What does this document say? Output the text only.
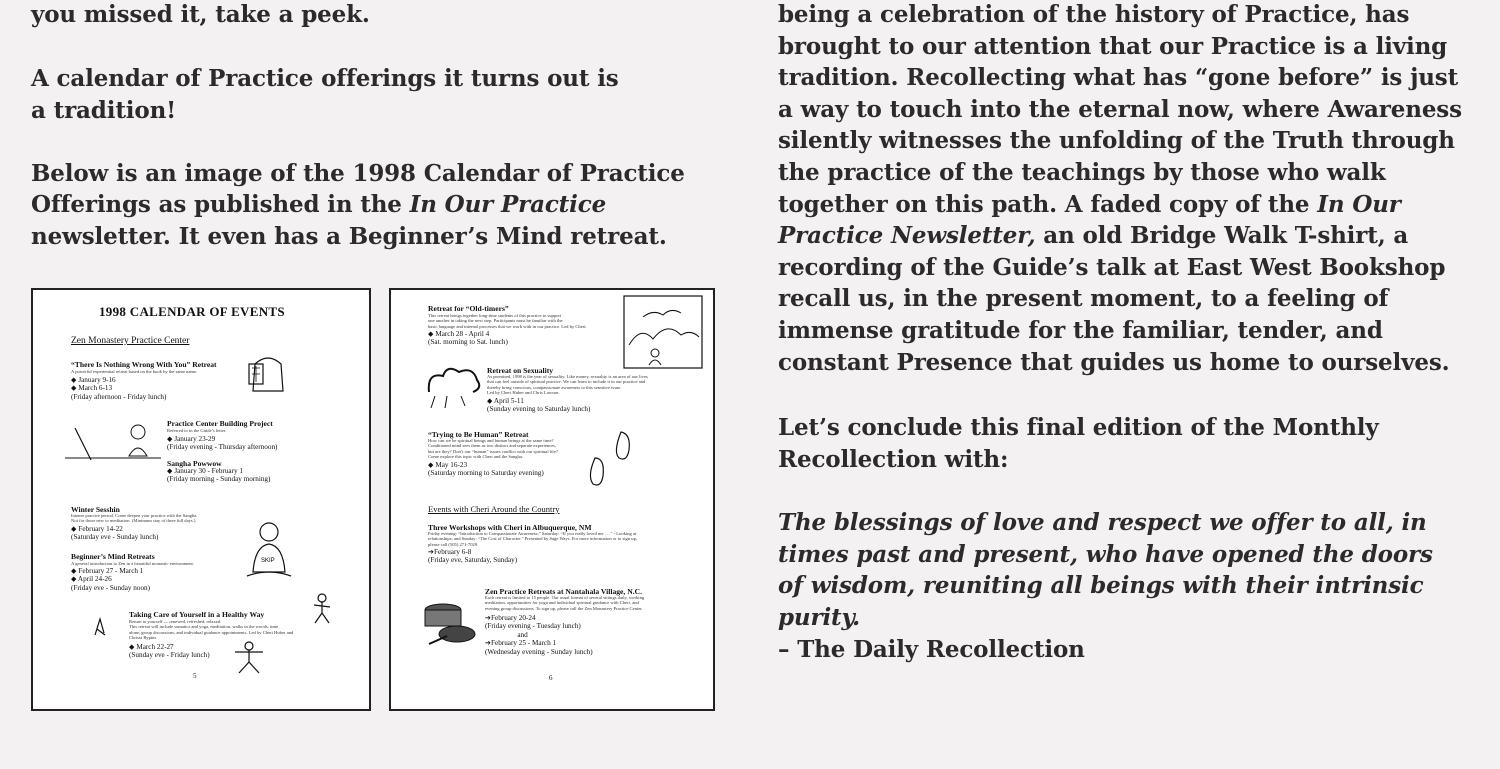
you missed it, take a peek.

A calendar of Practice offerings it turns out is a tradition!

Below is an image of the 1998 Calendar of Practice Offerings as published in the In Our Practice newsletter. It even has a Beginner’s Mind retreat.

being a celebration of the history of Practice, has brought to our attention that our Practice is a living tradition. Recollecting what has “gone before” is just a way to touch into the eternal now, where Awareness silently witnesses the unfolding of the Truth through the practice of the teachings by those who walk together on this path. A faded copy of the In Our Practice Newsletter, an old Bridge Walk T-shirt, a recording of the Guide’s talk at East West Bookshop recall us, in the present moment, to a feeling of immense gratitude for the familiar, tender, and constant Presence that guides us home to ourselves.

Let’s conclude this final edition of the Monthly Recollection with:

The blessings of love and respect we offer to all, in times past and present, who have opened the doors of wisdom, reuniting all beings with their intrinsic purity.

– The Daily Recollection

1998 CALENDAR OF EVENTS
Zen Monastery Practice Center
“There Is Nothing Wrong With You” Retreat
A powerful experiential retreat based on the book by the same name.
◆ January 9-16
◆ March 6-13
(Friday afternoon - Friday lunch)
Practice Center Building Project
Referred to in the Guide’s letter.
◆ January 23-29
(Friday evening - Thursday afternoon)
Sangha Powwow
◆ January 30 - February 1
(Friday morning - Sunday morning)
Winter Sesshin
Intense practice period. Come deepen your practice with the Sangha.
Not for those new to meditation. (Minimum stay of three full days.)
◆ February 14-22
(Saturday eve - Sunday lunch)
Beginner’s Mind Retreats
A general introduction to Zen in a beautiful monastic environment.
◆ February 27 - March 1
◆ April 24-26
(Friday eve - Sunday noon)
SKIP
Taking Care of Yourself in a Healthy Way
Return to yourself — renewed, refreshed, relaxed.
This retreat will include somatics and yoga, meditation, walks in the woods, time
alone, group discussions, and individual guidance appointments. Led by Cheri Huber and
Christa Rypins
◆ March 22-27
(Sunday eve - Friday lunch)
5
Retreat for “Old-timers”
This retreat brings together long-time students of this practice to support
one another in taking the next step. Participants must be familiar with the
basic language and internal processes that we work with in our practice. Led by Cheri.
◆ March 28 - April 4
(Sat. morning to Sat. lunch)
Retreat on Sexuality
As promised, 1998 is the year of sexuality. Like money, sexuality is an area of our lives
that can feel outside of spiritual practice. We can learn to include it in our practice and
thereby bring conscious, compassionate awareness to this sensitive issue.
Led by Cheri Huber and Chris Lawson.
◆ April 5-11
(Sunday evening to Saturday lunch)
“Trying to Be Human” Retreat
How can we be spiritual beings and human beings at the same time?
Conditioned mind sees them as two distinct and separate experiences,
but are they? Don’t our “human” issues conflict with our spiritual life?
Come explore this topic with Cheri and the Sangha.
◆ May 16-23
(Saturday morning to Saturday evening)
Events with Cheri Around the Country
Three Workshops with Cheri in Albuquerque, NM
Friday evening: “Introduction to Compassionate Awareness;” Saturday: “If you really loved me . . .” - Looking at
relationships; and Sunday: “The Cost of Character.” Presented by Sage Ways. For more information or to sign up,
please call (505) 271-7029.
➔February 6-8
(Friday eve, Saturday, Sunday)
Zen Practice Retreats at Nantahala Village, N.C.
Each retreat is limited to 15 people. Our usual format of several sittings daily, working
meditation, opportunities for yoga and individual spiritual guidance with Cheri, and
evening group discussions. To sign up, please call the Zen Monastery Practice Center.
➔February 20-24
(Friday evening - Tuesday lunch)
and
➔February 25 - March 1
(Wednesday evening - Sunday lunch)
6
